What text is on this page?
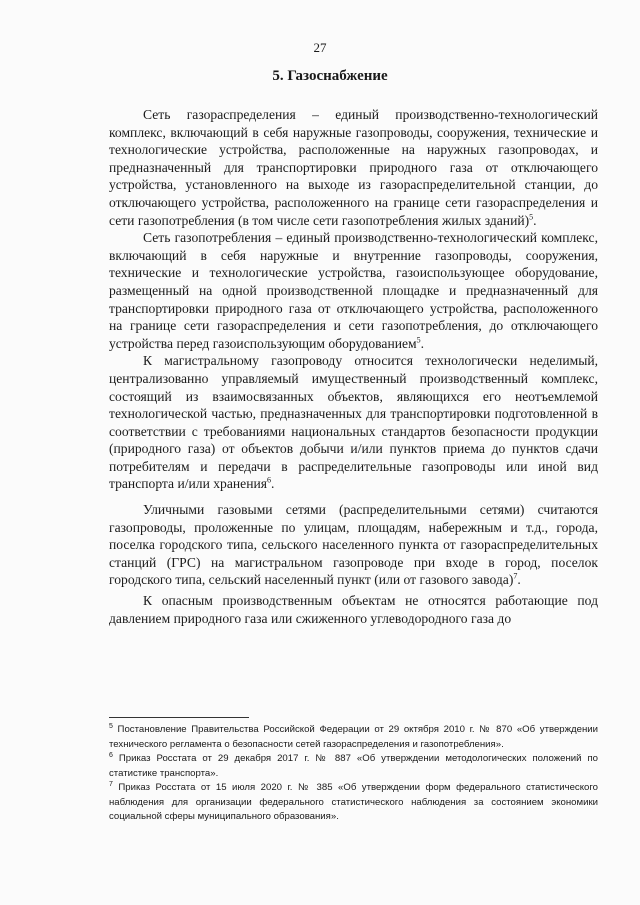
27
5. Газоснабжение

Сеть газораспределения – единый производственно-технологический комплекс, включающий в себя наружные газопроводы, сооружения, технические и технологические устройства, расположенные на наружных газопроводах, и предназначенный для транспортировки природного газа от отключающего устройства, установленного на выходе из газораспределительной станции, до отключающего устройства, расположенного на границе сети газораспределения и сети газопотребления (в том числе сети газопотребления жилых зданий)$^5$.

Сеть газопотребления – единый производственно-технологический комплекс, включающий в себя наружные и внутренние газопроводы, сооружения, технические и технологические устройства, газоиспользующее оборудование, размещенный на одной производственной площадке и предназначенный для транспортировки природного газа от отключающего устройства, расположенного на границе сети газораспределения и сети газопотребления, до отключающего устройства перед газоиспользующим оборудованием$^5$.

К магистральному газопроводу относится технологически неделимый, централизованно управляемый имущественный производственный комплекс, состоящий из взаимосвязанных объектов, являющихся его неотъемлемой технологической частью, предназначенных для транспортировки подготовленной в соответствии с требованиями национальных стандартов безопасности продукции (природного газа) от объектов добычи и/или пунктов приема до пунктов сдачи потребителям и передачи в распределительные газопроводы или иной вид транспорта и/или хранения$^6$.

Уличными газовыми сетями (распределительными сетями) считаются газопроводы, проложенные по улицам, площадям, набережным и т.д., города, поселка городского типа, сельского населенного пункта от газораспределительных станций (ГРС) на магистральном газопроводе при входе в город, поселок городского типа, сельский населенный пункт (или от газового завода)$^7$.

К опасным производственным объектам не относятся работающие под давлением природного газа или сжиженного углеводородного газа до

$^5$ Постановление Правительства Российской Федерации от 29 октября 2010 г. № 870 «Об утверждении технического регламента о безопасности сетей газораспределения и газопотребления».

$^6$ Приказ Росстата от 29 декабря 2017 г. № 887 «Об утверждении методологических положений по статистике транспорта».

$^7$ Приказ Росстата от 15 июля 2020 г. № 385 «Об утверждении форм федерального статистического наблюдения для организации федерального статистического наблюдения за состоянием экономики социальной сферы муниципального образования».
